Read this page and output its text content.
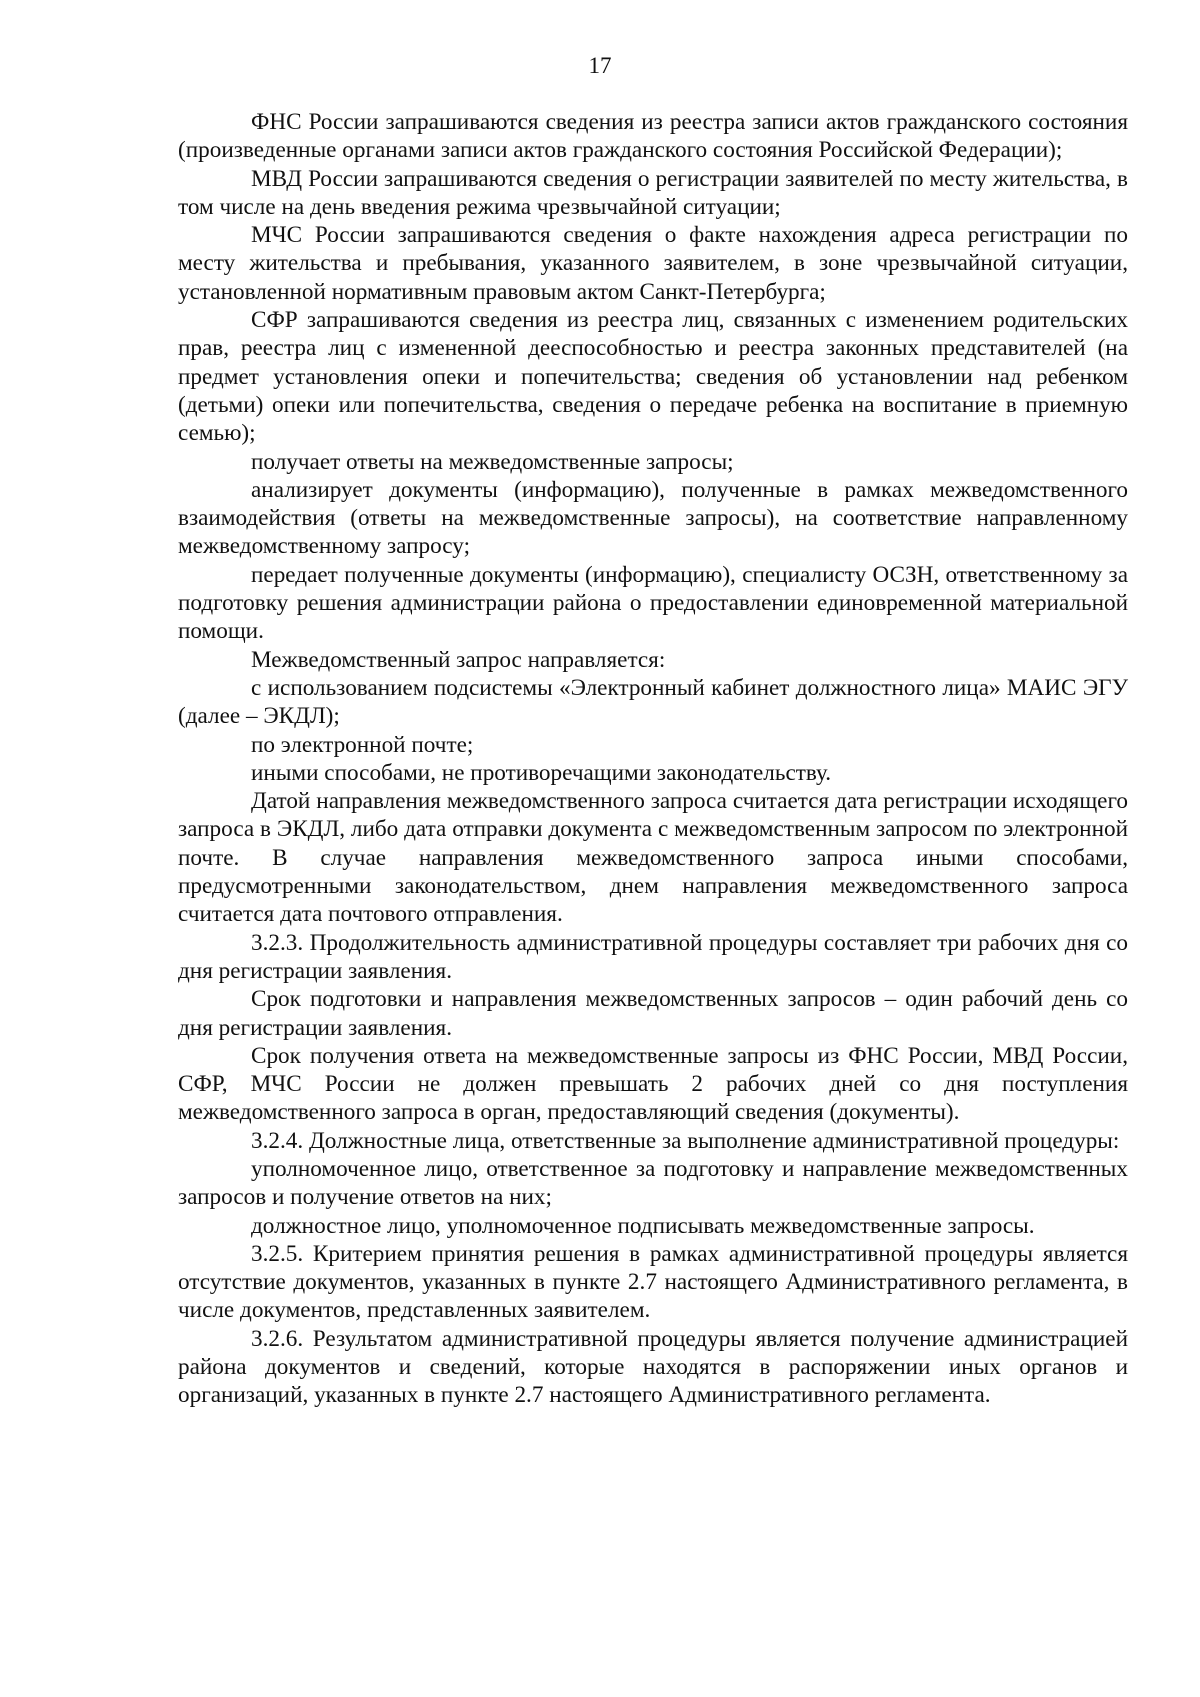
17

ФНС России запрашиваются сведения из реестра записи актов гражданского состояния (произведенные органами записи актов гражданского состояния Российской Федерации);

МВД России запрашиваются сведения о регистрации заявителей по месту жительства, в том числе на день введения режима чрезвычайной ситуации;

МЧС России запрашиваются сведения о факте нахождения адреса регистрации по месту жительства и пребывания, указанного заявителем, в зоне чрезвычайной ситуации, установленной нормативным правовым актом Санкт-Петербурга;

СФР запрашиваются сведения из реестра лиц, связанных с изменением родительских прав, реестра лиц с измененной дееспособностью и реестра законных представителей (на предмет установления опеки и попечительства; сведения об установлении над ребенком (детьми) опеки или попечительства, сведения о передаче ребенка на воспитание в приемную семью);

получает ответы на межведомственные запросы;

анализирует документы (информацию), полученные в рамках межведомственного взаимодействия (ответы на межведомственные запросы), на соответствие направленному межведомственному запросу;

передает полученные документы (информацию), специалисту ОСЗН, ответственному за подготовку решения администрации района о предоставлении единовременной материальной помощи.

Межведомственный запрос направляется:

с использованием подсистемы «Электронный кабинет должностного лица» МАИС ЭГУ (далее – ЭКДЛ);

по электронной почте;

иными способами, не противоречащими законодательству.

Датой направления межведомственного запроса считается дата регистрации исходящего запроса в ЭКДЛ, либо дата отправки документа с межведомственным запросом по электронной почте. В случае направления межведомственного запроса иными способами, предусмотренными законодательством, днем направления межведомственного запроса считается дата почтового отправления.

3.2.3. Продолжительность административной процедуры составляет три рабочих дня со дня регистрации заявления.

Срок подготовки и направления межведомственных запросов – один рабочий день со дня регистрации заявления.

Срок получения ответа на межведомственные запросы из ФНС России, МВД России, СФР, МЧС России не должен превышать 2 рабочих дней со дня поступления межведомственного запроса в орган, предоставляющий сведения (документы).

3.2.4. Должностные лица, ответственные за выполнение административной процедуры:

уполномоченное лицо, ответственное за подготовку и направление межведомственных запросов и получение ответов на них;

должностное лицо, уполномоченное подписывать межведомственные запросы.

3.2.5. Критерием принятия решения в рамках административной процедуры является отсутствие документов, указанных в пункте 2.7 настоящего Административного регламента, в числе документов, представленных заявителем.

3.2.6. Результатом административной процедуры является получение администрацией района документов и сведений, которые находятся в распоряжении иных органов и организаций, указанных в пункте 2.7 настоящего Административного регламента.
